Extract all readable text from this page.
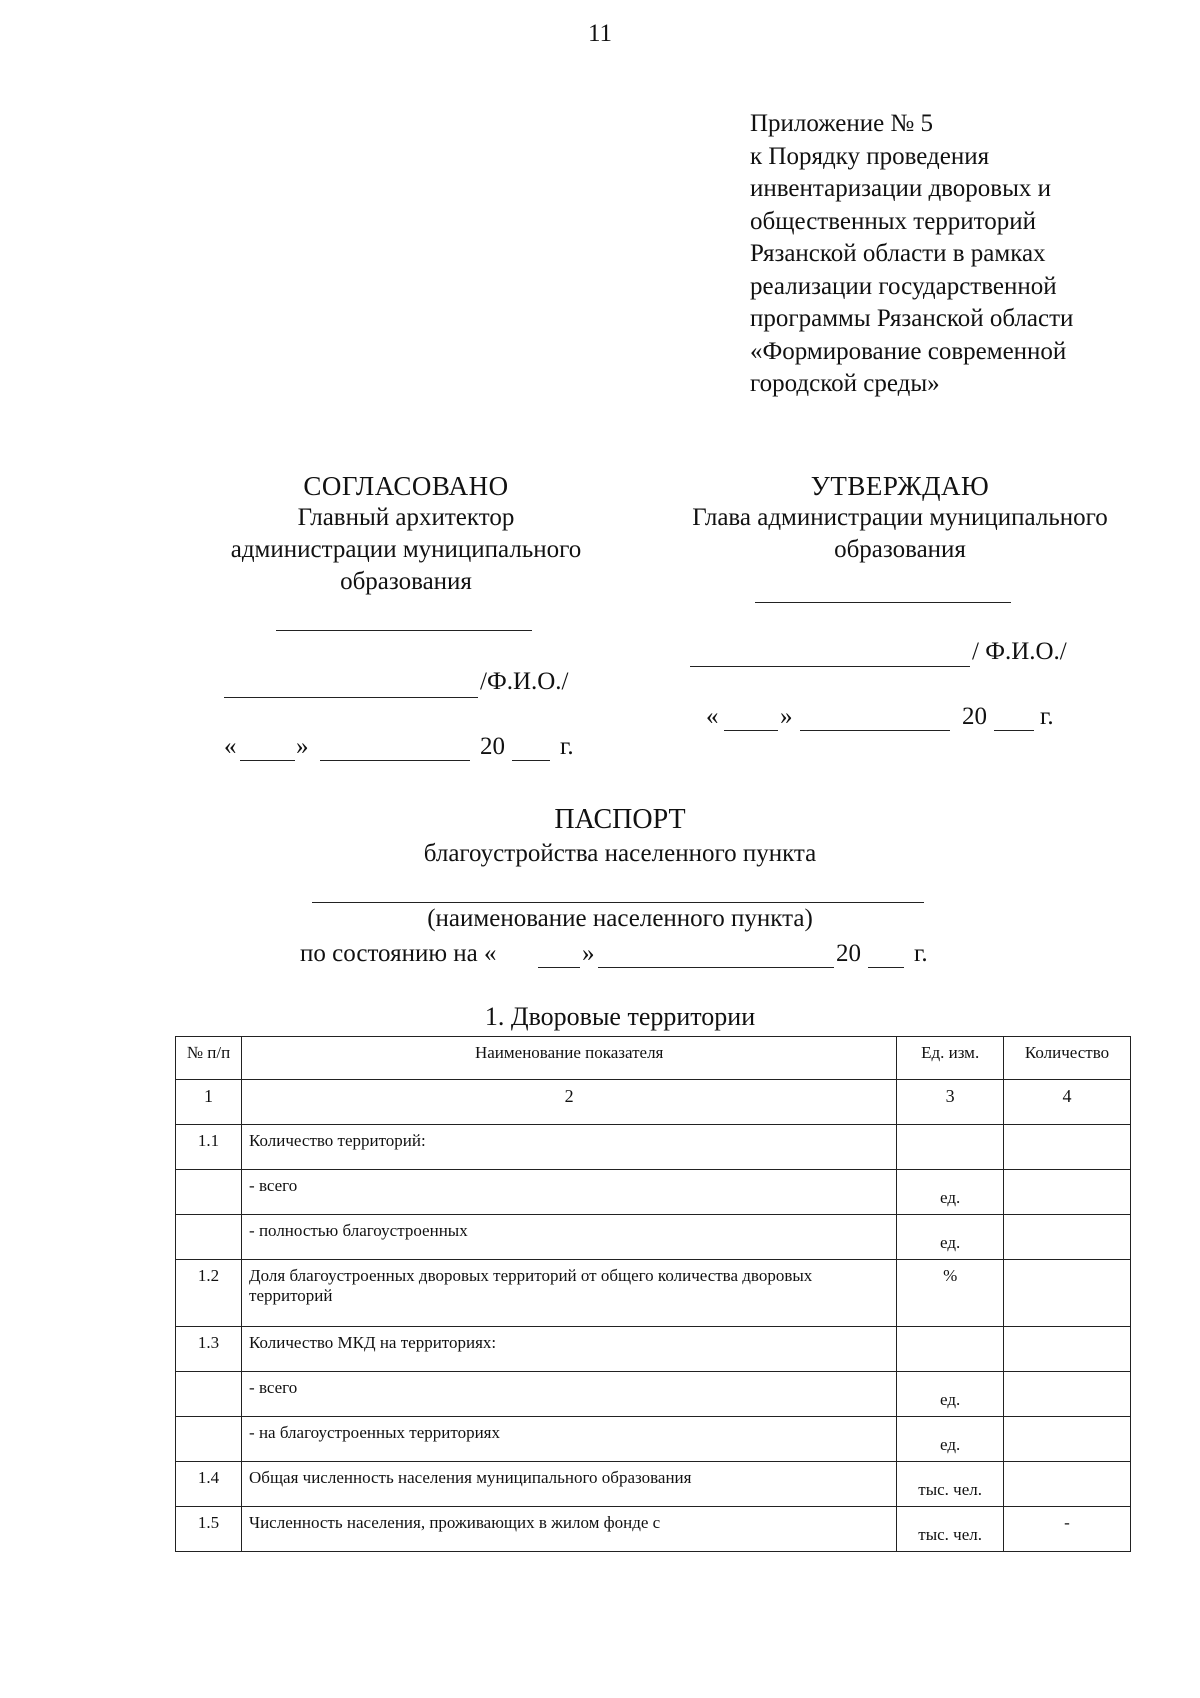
11
Приложение № 5
к Порядку проведения
инвентаризации дворовых и
общественных территорий
Рязанской области в рамках
реализации государственной
программы Рязанской области
«Формирование современной
городской среды»
СОГЛАСОВАНО
Главный архитектор
администрации муниципального
образования
/Ф.И.О./
« »	20 г.
УТВЕРЖДАЮ
Глава администрации муниципального
образования
/ Ф.И.О./
« »	20 г.
ПАСПОРТ
благоустройства населенного пункта
(наименование населенного пункта)
по состоянию на «	»	20 г.
1. Дворовые территории
№ п/п	Наименование показателя	Ед. изм.	Количество
1	2	3	4
1.1	Количество территорий:		
	- всего	ед.	
	- полностью благоустроенных	ед.	
1.2	Доля благоустроенных дворовых территорий от общего количества дворовых территорий	%	
1.3	Количество МКД на территориях:		
	- всего	ед.	
	- на благоустроенных территориях	ед.	
1.4	Общая численность населения муниципального образования	тыс. чел.	
1.5	Численность населения, проживающих в жилом фонде с	тыс. чел.	-
